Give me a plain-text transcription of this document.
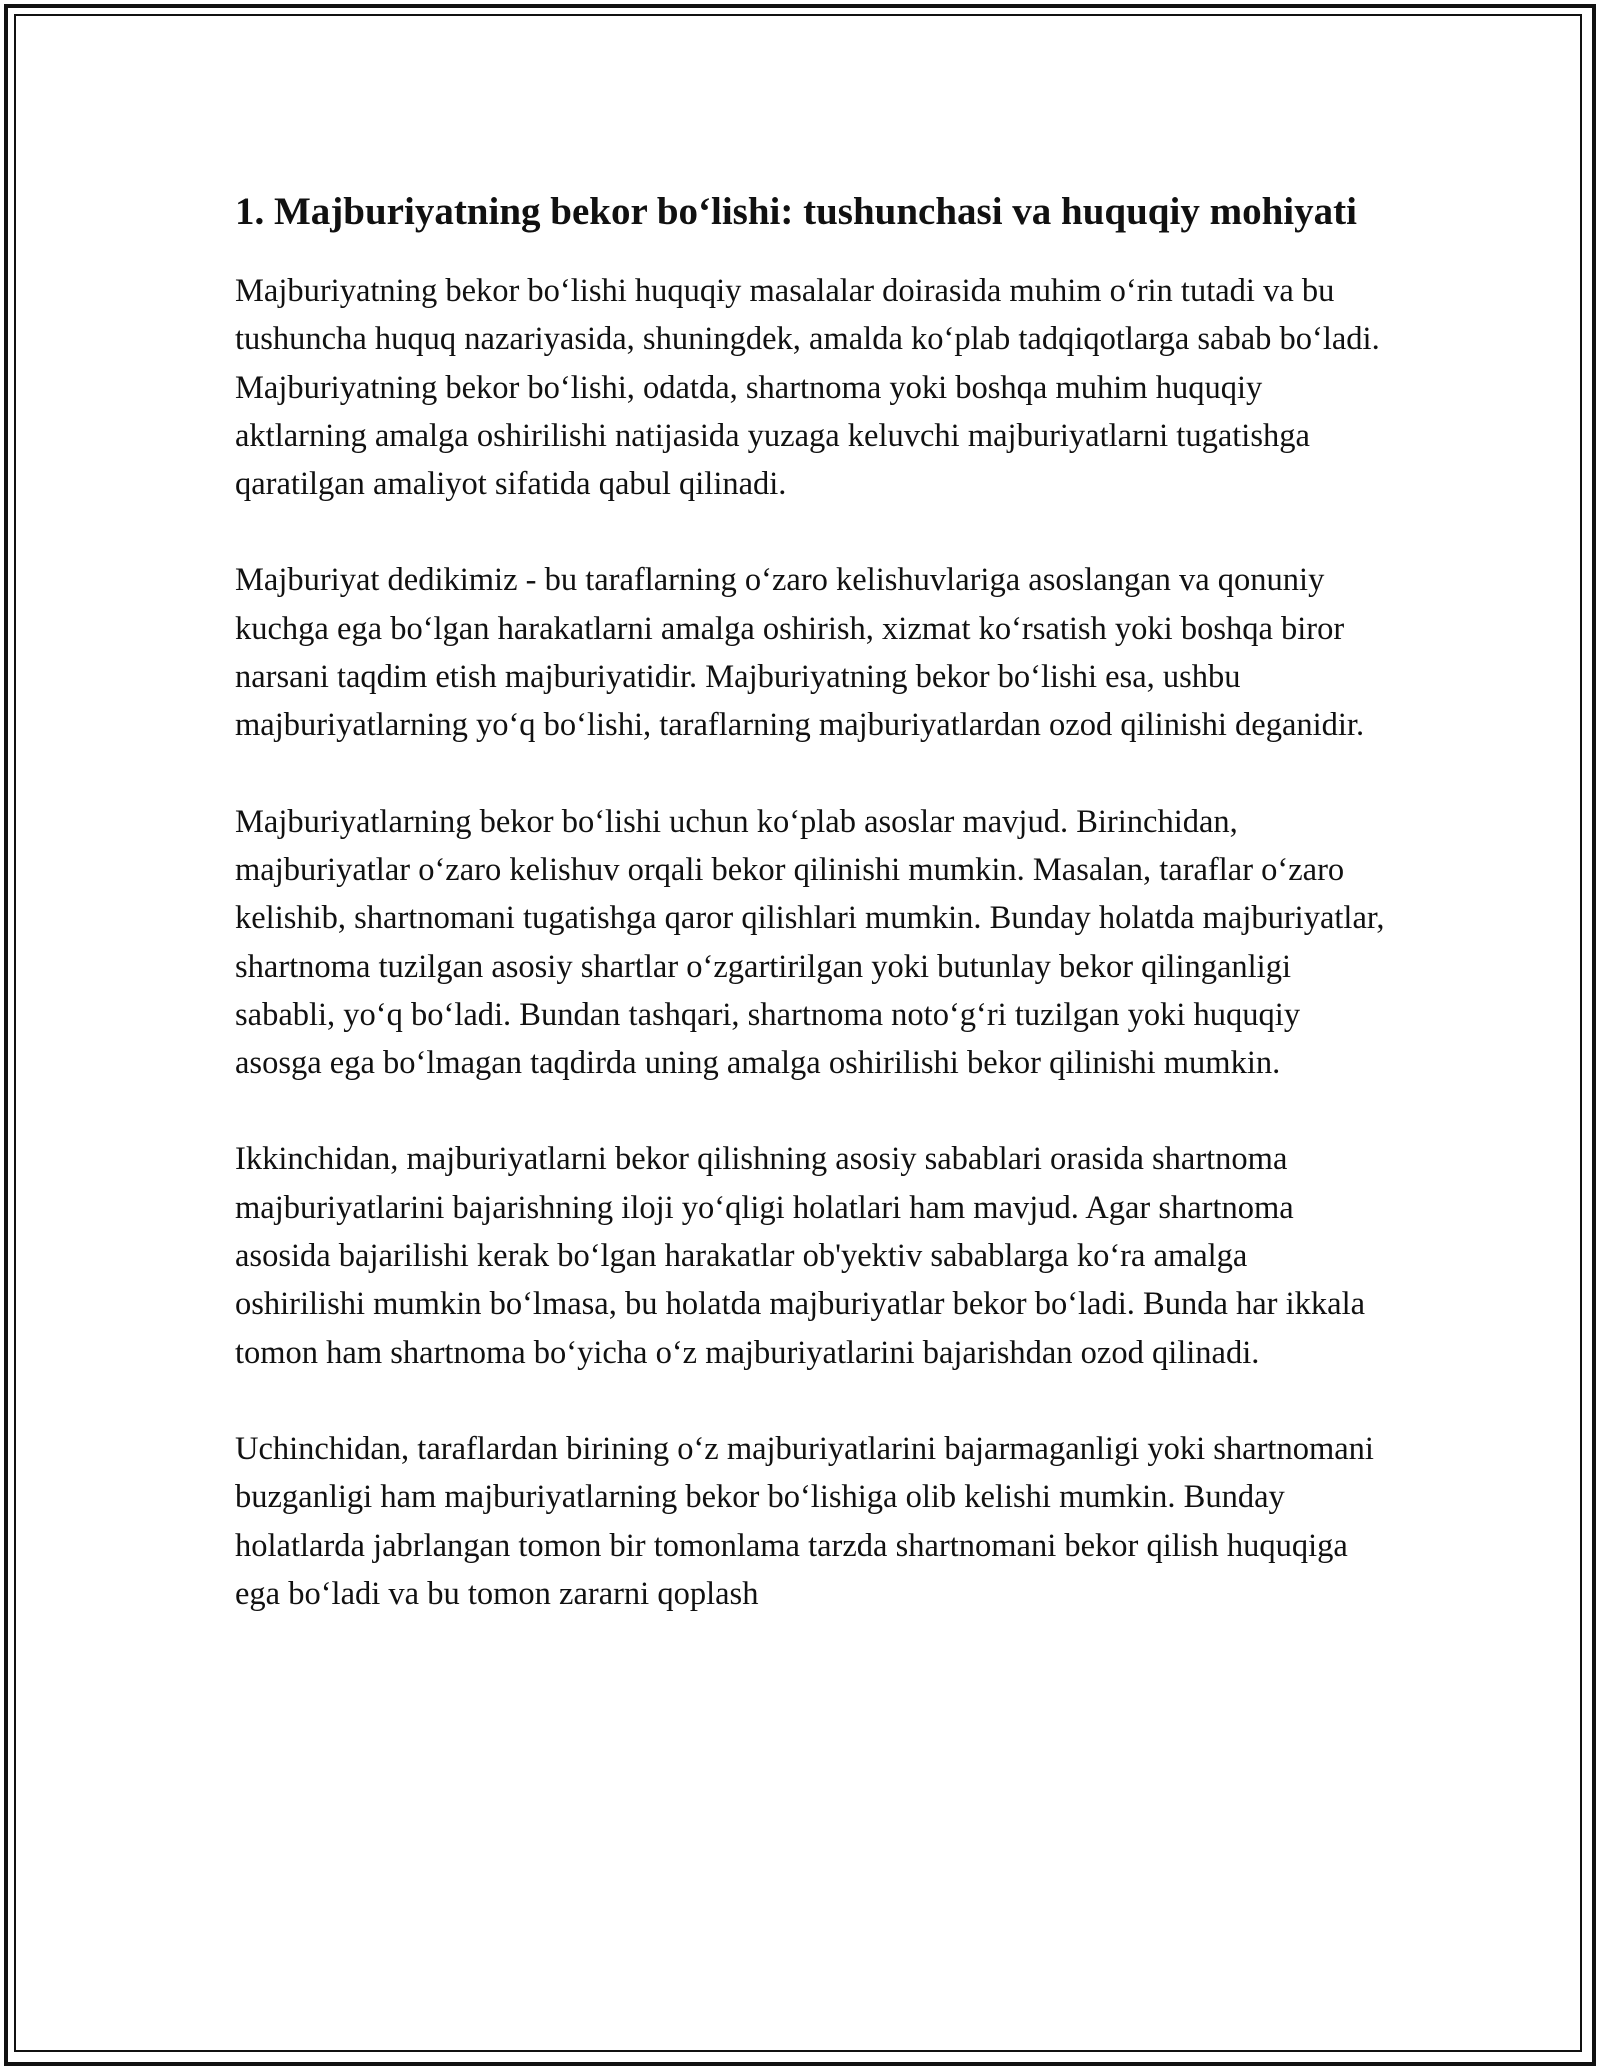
1. Majburiyatning bekor bo‘lishi: tushunchasi va huquqiy mohiyati

Majburiyatning bekor bo‘lishi huquqiy masalalar doirasida muhim o‘rin tutadi va bu tushuncha huquq nazariyasida, shuningdek, amalda ko‘plab tadqiqotlarga sabab bo‘ladi. Majburiyatning bekor bo‘lishi, odatda, shartnoma yoki boshqa muhim huquqiy aktlarning amalga oshirilishi natijasida yuzaga keluvchi majburiyatlarni tugatishga qaratilgan amaliyot sifatida qabul qilinadi.

Majburiyat dedikimiz - bu taraflarning o‘zaro kelishuvlariga asoslangan va qonuniy kuchga ega bo‘lgan harakatlarni amalga oshirish, xizmat ko‘rsatish yoki boshqa biror narsani taqdim etish majburiyatidir. Majburiyatning bekor bo‘lishi esa, ushbu majburiyatlarning yo‘q bo‘lishi, taraflarning majburiyatlardan ozod qilinishi deganidir.

Majburiyatlarning bekor bo‘lishi uchun ko‘plab asoslar mavjud. Birinchidan, majburiyatlar o‘zaro kelishuv orqali bekor qilinishi mumkin. Masalan, taraflar o‘zaro kelishib, shartnomani tugatishga qaror qilishlari mumkin. Bunday holatda majburiyatlar, shartnoma tuzilgan asosiy shartlar o‘zgartirilgan yoki butunlay bekor qilinganligi sababli, yo‘q bo‘ladi. Bundan tashqari, shartnoma noto‘g‘ri tuzilgan yoki huquqiy asosga ega bo‘lmagan taqdirda uning amalga oshirilishi bekor qilinishi mumkin.

Ikkinchidan, majburiyatlarni bekor qilishning asosiy sabablari orasida shartnoma majburiyatlarini bajarishning iloji yo‘qligi holatlari ham mavjud. Agar shartnoma asosida bajarilishi kerak bo‘lgan harakatlar ob'yektiv sabablarga ko‘ra amalga oshirilishi mumkin bo‘lmasa, bu holatda majburiyatlar bekor bo‘ladi. Bunda har ikkala tomon ham shartnoma bo‘yicha o‘z majburiyatlarini bajarishdan ozod qilinadi.

Uchinchidan, taraflardan birining o‘z majburiyatlarini bajarmaganligi yoki shartnomani buzganligi ham majburiyatlarning bekor bo‘lishiga olib kelishi mumkin. Bunday holatlarda jabrlangan tomon bir tomonlama tarzda shartnomani bekor qilish huquqiga ega bo‘ladi va bu tomon zararni qoplash
